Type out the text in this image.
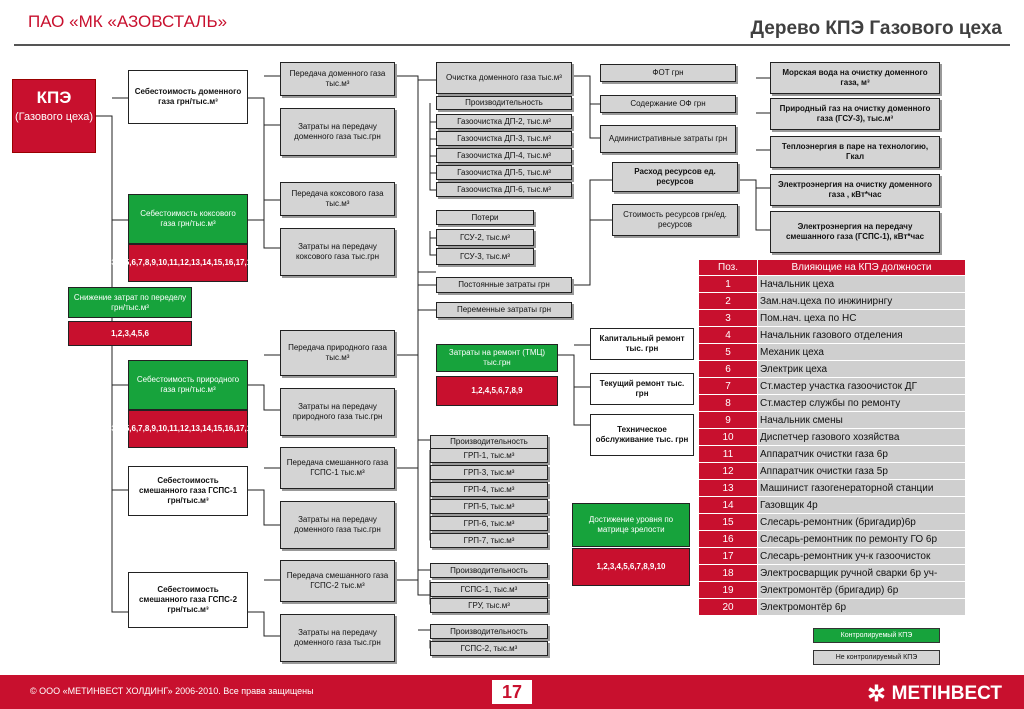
ПАО «МК «АЗОВСТАЛЬ»	Дерево КПЭ Газового цеха
КПЭ
(Газового цеха)
Себестоимость доменного газа грн/тыс.м³
Себестоимость коксового газа грн/тыс.м³
1,2,3,4,5,6,7,8,9,10,11,12,13,14,15,16,17,18,19,20
Снижение затрат по переделу грн/тыс.м³
1,2,3,4,5,6
Себестоимость природного газа грн/тыс.м³
1,2,3,4,5,6,7,8,9,10,11,12,13,14,15,16,17,18,19,20
Себестоимость смешанного газа ГСПС-1 грн/тыс.м³
Себестоимость смешанного газа ГСПС-2 грн/тыс.м³
Передача доменного газа тыс.м³
Затраты на передачу доменного газа тыс.грн
Передача коксового газа тыс.м³
Затраты на передачу коксового газа тыс.грн
Передача природного газа тыс.м³
Затраты на передачу природного газа тыс.грн
Передача смешанного газа ГСПС-1 тыс.м³
Затраты на передачу доменного газа тыс.грн
Передача смешанного газа ГСПС-2 тыс.м³
Затраты на передачу доменного газа тыс.грн
Очистка доменного газа тыс.м³
Производительность
Газоочистка ДП-2, тыс.м³
Газоочистка ДП-3, тыс.м³
Газоочистка ДП-4, тыс.м³
Газоочистка ДП-5, тыс.м³
Газоочистка ДП-6, тыс.м³
Потери
ГСУ-2, тыс.м³
ГСУ-3, тыс.м³
Постоянные затраты грн
Переменные затраты грн
Затраты на ремонт (ТМЦ) тыс.грн
1,2,4,5,6,7,8,9
Производительность
ГРП-1, тыс.м³
ГРП-3, тыс.м³
ГРП-4, тыс.м³
ГРП-5, тыс.м³
ГРП-6, тыс.м³
ГРП-7, тыс.м³
Производительность
ГСПС-1, тыс.м³
ГРУ, тыс.м³
Производительность
ГСПС-2, тыс.м³
ФОТ грн
Содержание ОФ грн
Административные затраты грн
Расход ресурсов ед. ресурсов
Стоимость ресурсов грн/ед. ресурсов
Капитальный ремонт тыс. грн
Текущий ремонт тыс. грн
Техническое обслуживание тыс. грн
Достижение уровня по матрице зрелости
1,2,3,4,5,6,7,8,9,10
Морская вода на очистку доменного газа, м³
Природный газ на очистку доменного газа (ГСУ-3), тыс.м³
Теплоэнергия в паре на технологию, Гкал
Электроэнергия на очистку доменного газа , кВт*час
Электроэнергия на передачу смешанного газа (ГСПС-1), кВт*час
Поз.	Влияющие на КПЭ должности
1	Начальник цеха
2	Зам.нач.цеха по инжинирнгу
3	Пом.нач. цеха по НС
4	Начальник газового отделения
5	Механик цеха
6	Электрик цеха
7	Ст.мастер участка газоочисток ДГ
8	Ст.мастер службы по ремонту
9	Начальник смены
10	Диспетчер газового хозяйства
11	Аппаратчик очистки газа 6р
12	Аппаратчик очистки газа 5р
13	Машинист газогенераторной станции
14	Газовщик 4р
15	Слесарь-ремонтник (бригадир)6р
16	Слесарь-ремонтник по ремонту ГО 6р
17	Слесарь-ремонтник уч-к газоочисток
18	Электросварщик ручной сварки 6р уч-
19	Электромонтёр (бригадир) 6р
20	Электромонтёр 6р
Контролируемый КПЭ
Не контролируемый КПЭ
© ООО «МЕТИНВЕСТ ХОЛДИНГ» 2006-2010. Все права защищены	17	✲ МЕТІНВЕСТ
